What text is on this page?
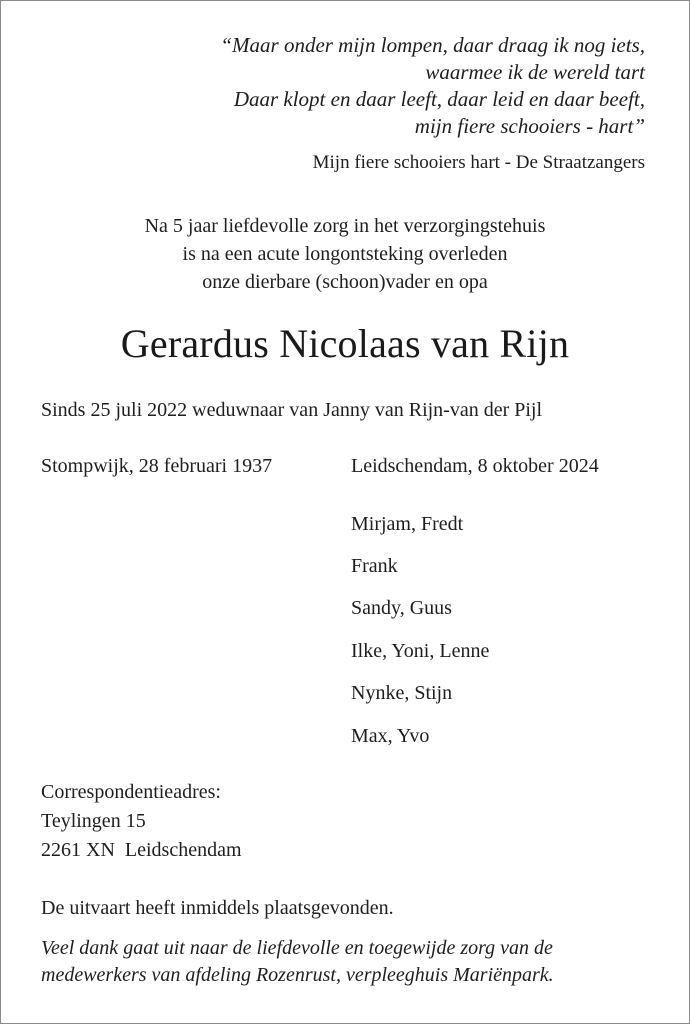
“Maar onder mijn lompen, daar draag ik nog iets,
waarmee ik de wereld tart
Daar klopt en daar leeft, daar leid en daar beeft,
mijn fiere schooiers - hart”
Mijn fiere schooiers hart - De Straatzangers
Na 5 jaar liefdevolle zorg in het verzorgingstehuis
is na een acute longontsteking overleden
onze dierbare (schoon)vader en opa
Gerardus Nicolaas van Rijn
Sinds 25 juli 2022 weduwnaar van Janny van Rijn-van der Pijl
Stompwijk, 28 februari 1937	Leidschendam, 8 oktober 2024
Mirjam, Fredt
Frank
Sandy, Guus
Ilke, Yoni, Lenne
Nynke, Stijn
Max, Yvo
Correspondentieadres:
Teylingen 15
2261 XN  Leidschendam
De uitvaart heeft inmiddels plaatsgevonden.
Veel dank gaat uit naar de liefdevolle en toegewijde zorg van de
medewerkers van afdeling Rozenrust, verpleeghuis Mariënpark.
